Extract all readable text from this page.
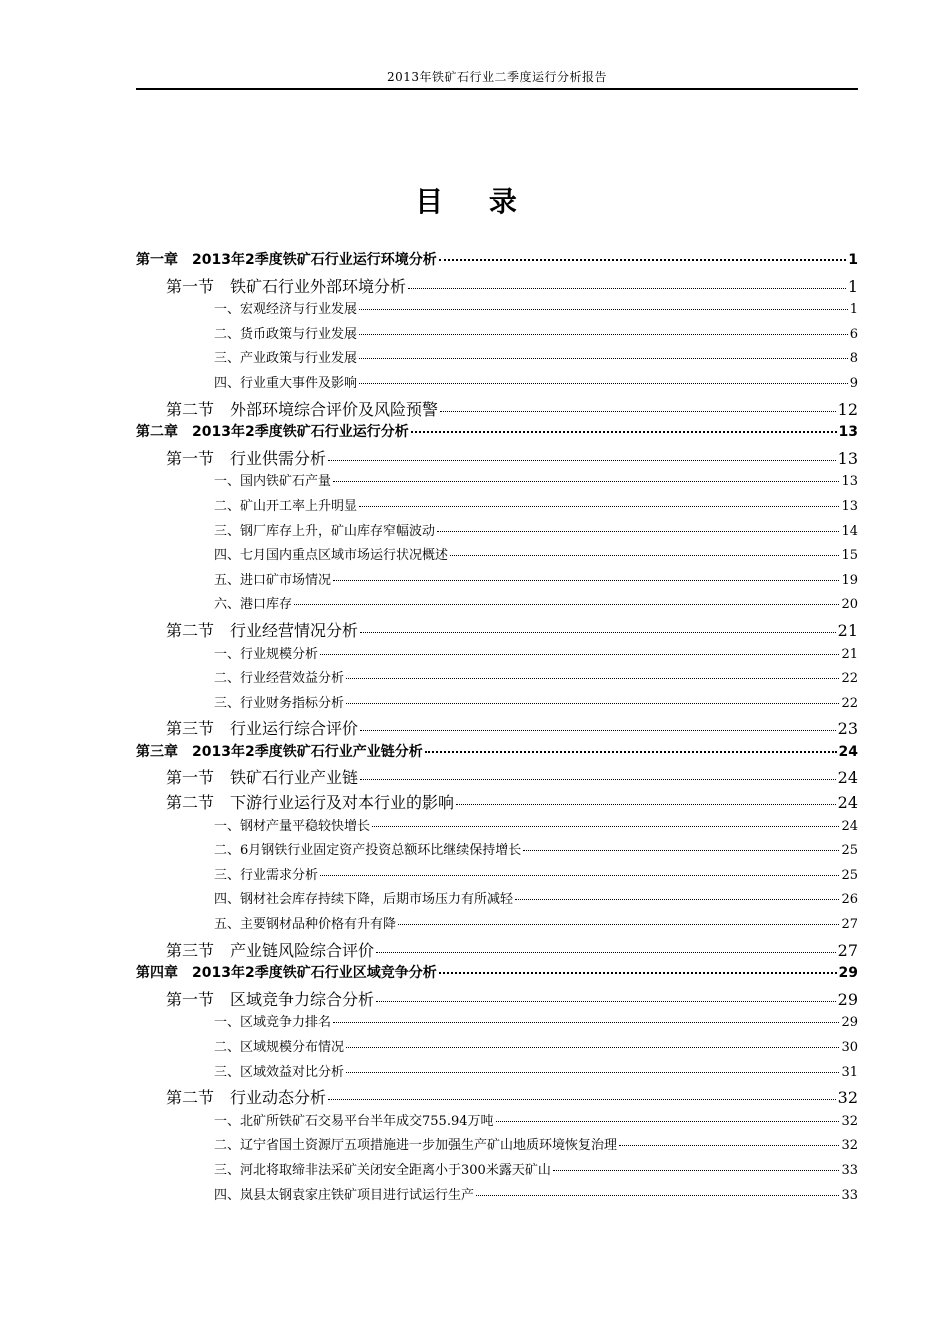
2013年铁矿石行业二季度运行分析报告
目 录
第一章　2013年2季度铁矿石行业运行环境分析	1
第一节　铁矿石行业外部环境分析	1
一、宏观经济与行业发展	1
二、货币政策与行业发展	6
三、产业政策与行业发展	8
四、行业重大事件及影响	9
第二节　外部环境综合评价及风险预警	12
第二章　2013年2季度铁矿石行业运行分析	13
第一节　行业供需分析	13
一、国内铁矿石产量	13
二、矿山开工率上升明显	13
三、钢厂库存上升，矿山库存窄幅波动	14
四、七月国内重点区域市场运行状况概述	15
五、进口矿市场情况	19
六、港口库存	20
第二节　行业经营情况分析	21
一、行业规模分析	21
二、行业经营效益分析	22
三、行业财务指标分析	22
第三节　行业运行综合评价	23
第三章　2013年2季度铁矿石行业产业链分析	24
第一节　铁矿石行业产业链	24
第二节　下游行业运行及对本行业的影响	24
一、钢材产量平稳较快增长	24
二、6月钢铁行业固定资产投资总额环比继续保持增长	25
三、行业需求分析	25
四、钢材社会库存持续下降，后期市场压力有所减轻	26
五、主要钢材品种价格有升有降	27
第三节　产业链风险综合评价	27
第四章　2013年2季度铁矿石行业区域竞争分析	29
第一节　区域竞争力综合分析	29
一、区域竞争力排名	29
二、区域规模分布情况	30
三、区域效益对比分析	31
第二节　行业动态分析	32
一、北矿所铁矿石交易平台半年成交755.94万吨	32
二、辽宁省国土资源厅五项措施进一步加强生产矿山地质环境恢复治理	32
三、河北将取缔非法采矿关闭安全距离小于300米露天矿山	33
四、岚县太钢袁家庄铁矿项目进行试运行生产	33
